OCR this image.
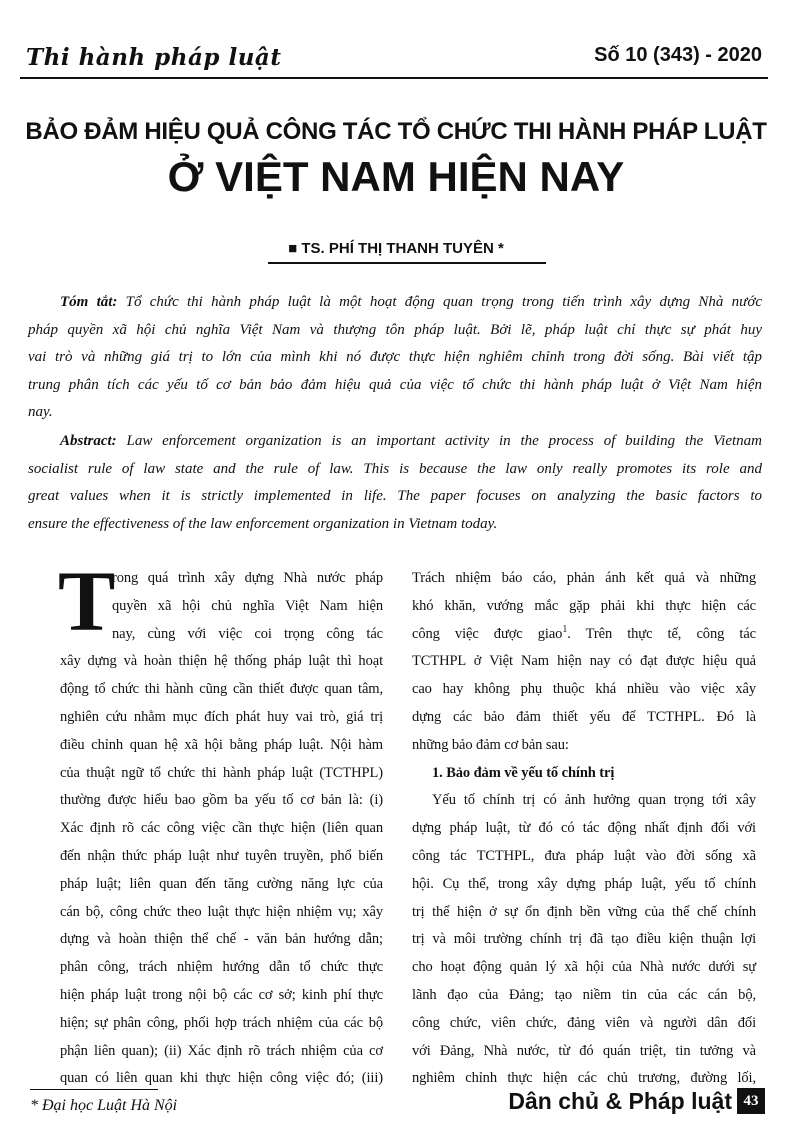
Thi hành pháp luật	Số 10 (343) - 2020
BẢO ĐẢM HIỆU QUẢ CÔNG TÁC TỔ CHỨC THI HÀNH PHÁP LUẬT
Ở VIỆT NAM HIỆN NAY
■ TS. PHÍ THỊ THANH TUYÊN *
Tóm tắt: Tổ chức thi hành pháp luật là một hoạt động quan trọng trong tiến trình xây dựng Nhà nước
pháp quyền xã hội chủ nghĩa Việt Nam và thượng tôn pháp luật. Bởi lẽ, pháp luật chỉ thực sự phát huy
vai trò và những giá trị to lớn của mình khi nó được thực hiện nghiêm chỉnh trong đời sống. Bài viết tập
trung phân tích các yếu tố cơ bản bảo đảm hiệu quả của việc tổ chức thi hành pháp luật ở Việt Nam hiện
nay.
Abstract: Law enforcement organization is an important activity in the process of building the Vietnam
socialist rule of law state and the rule of law. This is because the law only really promotes its role and
great values when it is strictly implemented in life. The paper focuses on analyzing the basic factors to
ensure the effectiveness of the law enforcement organization in Vietnam today.
T
rong quá trình xây dựng Nhà nước pháp
quyền xã hội chủ nghĩa Việt Nam hiện
nay, cùng với việc coi trọng công tác
xây dựng và hoàn thiện hệ thống pháp luật thì hoạt
động tổ chức thi hành cũng cần thiết được quan tâm,
nghiên cứu nhằm mục đích phát huy vai trò, giá trị
điều chỉnh quan hệ xã hội bằng pháp luật. Nội hàm
của thuật ngữ tổ chức thi hành pháp luật (TCTHPL)
thường được hiểu bao gồm ba yếu tố cơ bản là: (i)
Xác định rõ các công việc cần thực hiện (liên quan
đến nhận thức pháp luật như tuyên truyền, phổ biến
pháp luật; liên quan đến tăng cường năng lực của
cán bộ, công chức theo luật thực hiện nhiệm vụ; xây
dựng và hoàn thiện thể chế - văn bản hướng dẫn;
phân công, trách nhiệm hướng dẫn tổ chức thực
hiện pháp luật trong nội bộ các cơ sở; kinh phí thực
hiện; sự phân công, phối hợp trách nhiệm của các bộ
phận liên quan); (ii) Xác định rõ trách nhiệm của cơ
quan có liên quan khi thực hiện công việc đó; (iii)
Trách nhiệm báo cáo, phản ánh kết quả và những
khó khăn, vướng mắc gặp phải khi thực hiện các
công việc được giao$^1$. Trên thực tế, công tác
TCTHPL ở Việt Nam hiện nay có đạt được hiệu quả
cao hay không phụ thuộc khá nhiều vào việc xây
dựng các bảo đảm thiết yếu để TCTHPL. Đó là
những bảo đảm cơ bản sau:
1. Bảo đảm về yếu tố chính trị
Yếu tố chính trị có ảnh hưởng quan trọng tới xây
dựng pháp luật, từ đó có tác động nhất định đối với
công tác TCTHPL, đưa pháp luật vào đời sống xã
hội. Cụ thể, trong xây dựng pháp luật, yếu tố chính
trị thể hiện ở sự ổn định bền vững của thể chế chính
trị và môi trường chính trị đã tạo điều kiện thuận lợi
cho hoạt động quản lý xã hội của Nhà nước dưới sự
lãnh đạo của Đảng; tạo niềm tin của các cán bộ,
công chức, viên chức, đảng viên và người dân đối
với Đảng, Nhà nước, từ đó quán triệt, tin tưởng và
nghiêm chỉnh thực hiện các chủ trương, đường lối,
* Đại học Luật Hà Nội	Dân chủ & Pháp luật 43
